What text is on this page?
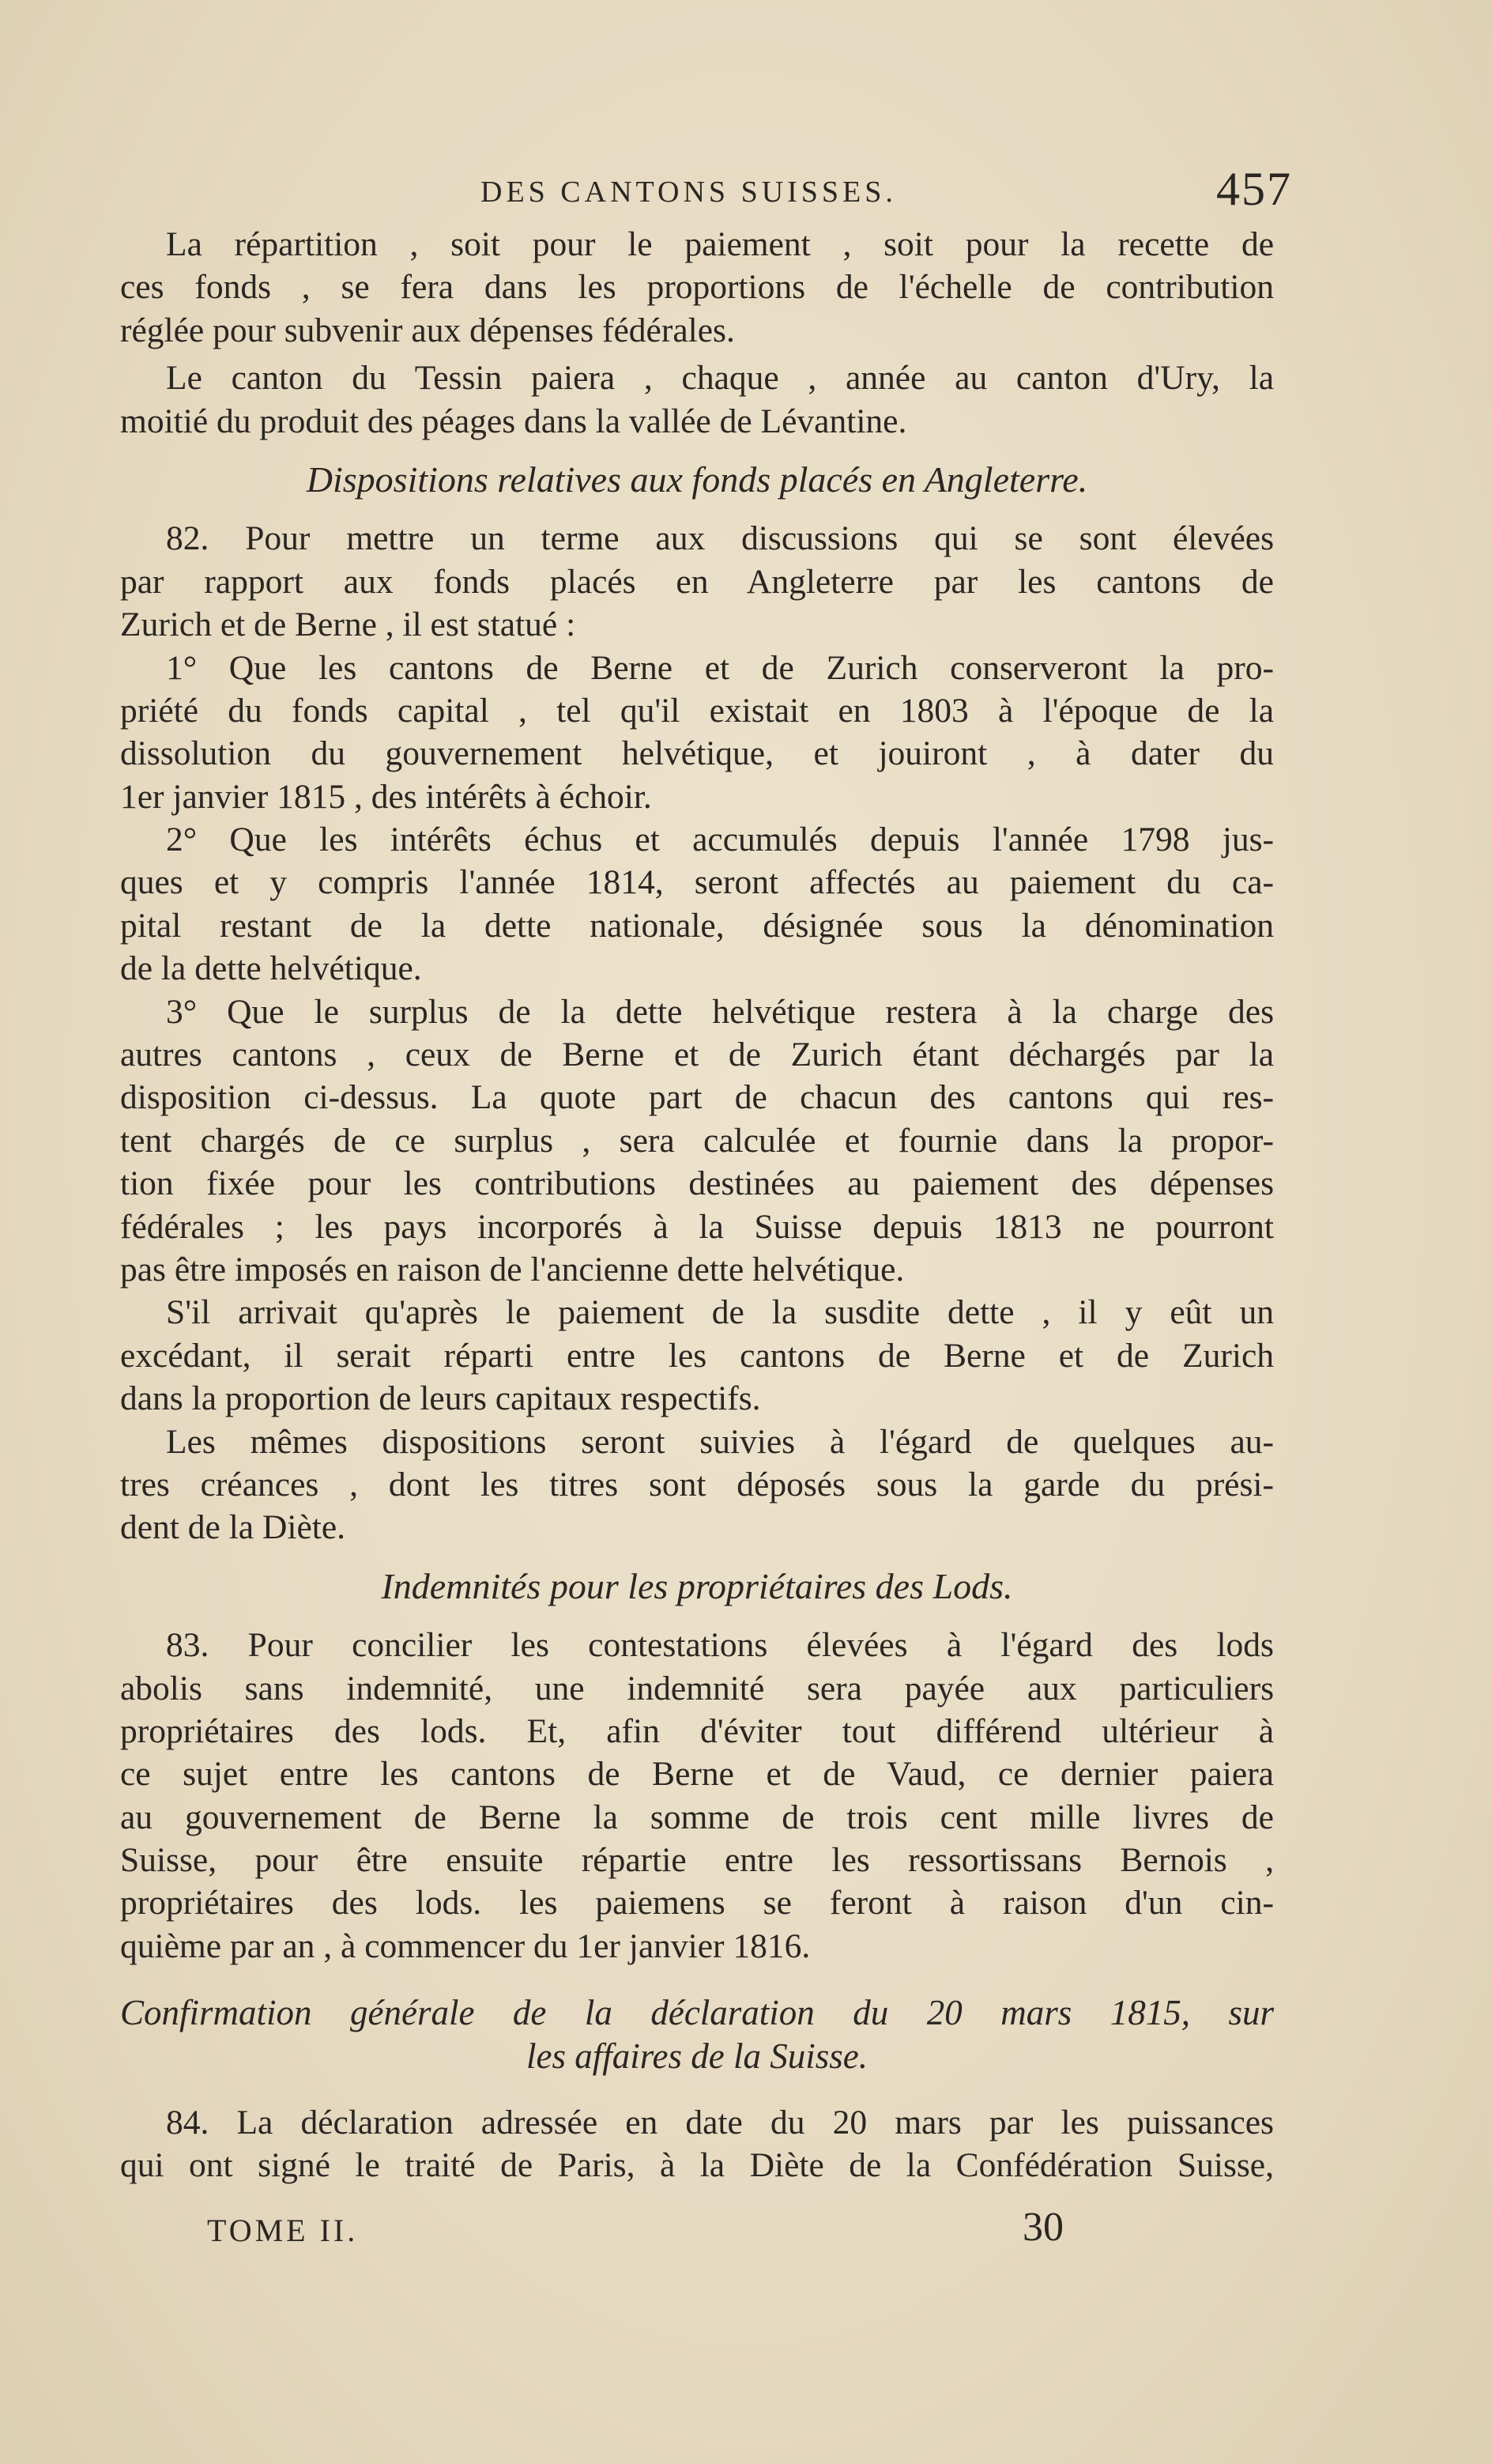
DES CANTONS SUISSES.	457
La répartition , soit pour le paiement , soit pour la recette de
ces fonds , se fera dans les proportions de l'échelle de contribution
réglée pour subvenir aux dépenses fédérales.
Le canton du Tessin paiera , chaque , année au canton d'Ury, la
moitié du produit des péages dans la vallée de Lévantine.
Dispositions relatives aux fonds placés en Angleterre.
82. Pour mettre un terme aux discussions qui se sont élevées
par rapport aux fonds placés en Angleterre par les cantons de
Zurich et de Berne , il est statué :
1° Que les cantons de Berne et de Zurich conserveront la pro-
priété du fonds capital , tel qu'il existait en 1803 à l'époque de la
dissolution du gouvernement helvétique, et jouiront , à dater du
1er janvier 1815 , des intérêts à échoir.
2° Que les intérêts échus et accumulés depuis l'année 1798 jus-
ques et y compris l'année 1814, seront affectés au paiement du ca-
pital restant de la dette nationale, désignée sous la dénomination
de la dette helvétique.
3° Que le surplus de la dette helvétique restera à la charge des
autres cantons , ceux de Berne et de Zurich étant déchargés par la
disposition ci-dessus. La quote part de chacun des cantons qui res-
tent chargés de ce surplus , sera calculée et fournie dans la propor-
tion fixée pour les contributions destinées au paiement des dépenses
fédérales ; les pays incorporés à la Suisse depuis 1813 ne pourront
pas être imposés en raison de l'ancienne dette helvétique.
S'il arrivait qu'après le paiement de la susdite dette , il y eût un
excédant, il serait réparti entre les cantons de Berne et de Zurich
dans la proportion de leurs capitaux respectifs.
Les mêmes dispositions seront suivies à l'égard de quelques au-
tres créances , dont les titres sont déposés sous la garde du prési-
dent de la Diète.
Indemnités pour les propriétaires des Lods.
83. Pour concilier les contestations élevées à l'égard des lods
abolis sans indemnité, une indemnité sera payée aux particuliers
propriétaires des lods. Et, afin d'éviter tout différend ultérieur à
ce sujet entre les cantons de Berne et de Vaud, ce dernier paiera
au gouvernement de Berne la somme de trois cent mille livres de
Suisse, pour être ensuite répartie entre les ressortissans Bernois ,
propriétaires des lods. les paiemens se feront à raison d'un cin-
quième par an , à commencer du 1er janvier 1816.
Confirmation générale de la déclaration du 20 mars 1815, sur
les affaires de la Suisse.
84. La déclaration adressée en date du 20 mars par les puissances
qui ont signé le traité de Paris, à la Diète de la Confédération Suisse,
TOME II.	30
